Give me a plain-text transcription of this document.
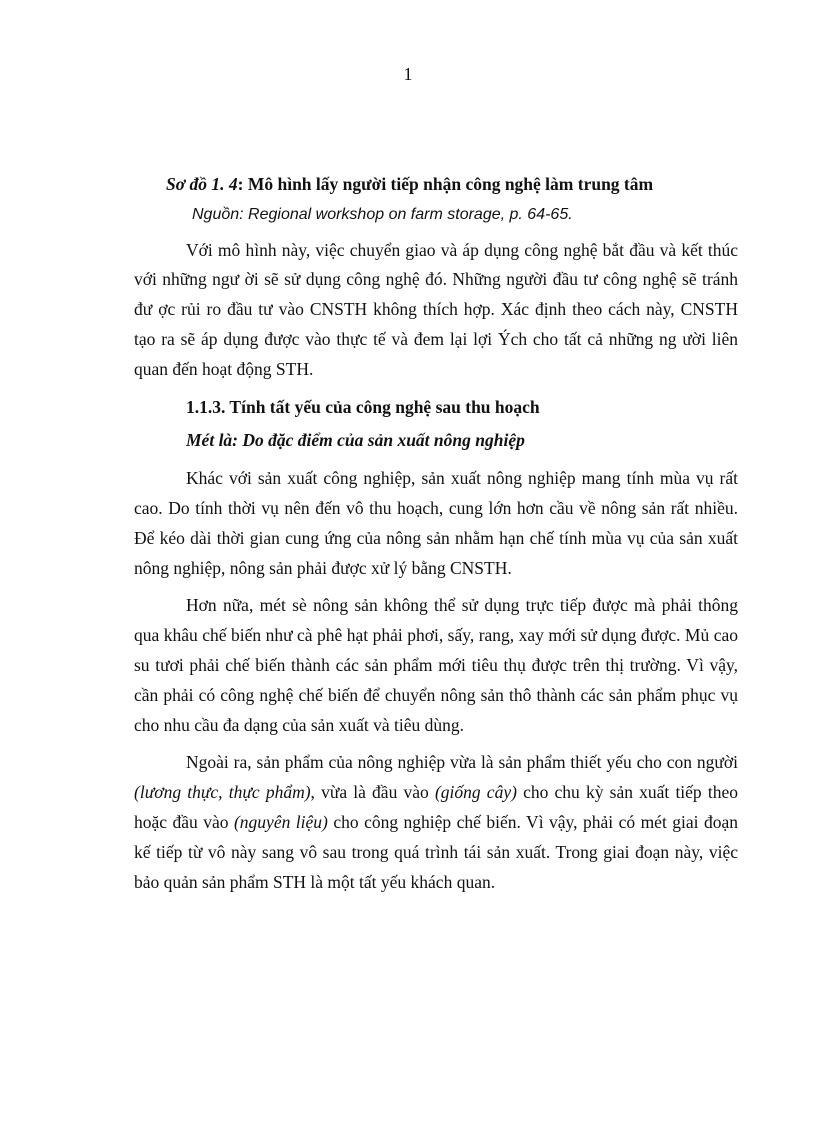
1

Sơ đồ 1. 4: Mô hình lấy người tiếp nhận công nghệ làm trung tâm

Nguồn: Regional workshop on farm storage, p. 64-65.

Với mô hình này, việc chuyển giao và áp dụng công nghệ bắt đầu và kết thúc với những ngư ời sẽ sử dụng công nghệ đó. Những người đầu tư công nghệ sẽ tránh đư ợc rủi ro đầu tư vào CNSTH không thích hợp. Xác định theo cách này, CNSTH tạo ra sẽ áp dụng được vào thực tế và đem lại lợi Ých cho tất cả những ng ười liên quan đến hoạt động STH.

1.1.3. Tính tất yếu của công nghệ sau thu hoạch

Mét là: Do đặc điểm của sản xuất nông nghiệp

Khác với sản xuất công nghiệp, sản xuất nông nghiệp mang tính mùa vụ rất cao. Do tính thời vụ nên đến vô thu hoạch, cung lớn hơn cầu về nông sản rất nhiều. Để kéo dài thời gian cung ứng của nông sản nhằm hạn chế tính mùa vụ của sản xuất nông nghiệp, nông sản phải được xử lý bằng CNSTH.

Hơn nữa, mét sè nông sản không thể sử dụng trực tiếp được mà phải thông qua khâu chế biến như cà phê hạt phải phơi, sấy, rang, xay mới sử dụng được. Mủ cao su tươi phải chế biến thành các sản phẩm mới tiêu thụ được trên thị trường. Vì vậy, cần phải có công nghệ chế biến để chuyển nông sản thô thành các sản phẩm phục vụ cho nhu cầu đa dạng của sản xuất và tiêu dùng.

Ngoài ra, sản phẩm của nông nghiệp vừa là sản phẩm thiết yếu cho con người (lương thực, thực phẩm), vừa là đầu vào (giống cây) cho chu kỳ sản xuất tiếp theo hoặc đầu vào (nguyên liệu) cho công nghiệp chế biến. Vì vậy, phải có mét giai đoạn kế tiếp từ vô này sang vô sau trong quá trình tái sản xuất. Trong giai đoạn này, việc bảo quản sản phẩm STH là một tất yếu khách quan.
